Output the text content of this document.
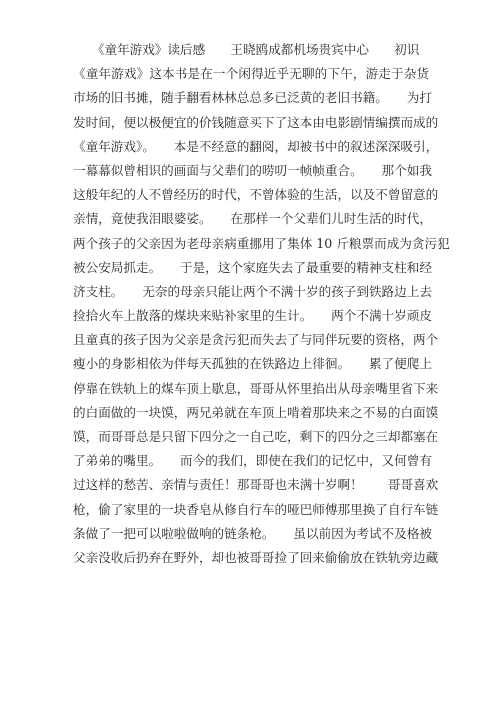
　　《童年游戏》读后感　　王晓鸥成都机场贵宾中心　　初识
《童年游戏》这本书是在一个闲得近乎无聊的下午，游走于杂货
市场的旧书摊，随手翻看林林总总多已泛黄的老旧书籍。　　为打
发时间，便以极便宜的价钱随意买下了这本由电影剧情编撰而成的
《童年游戏》。　　本是不经意的翻阅，却被书中的叙述深深吸引，
一幕幕似曾相识的画面与父辈们的唠叨一帧帧重合。　　那个如我
这般年纪的人不曾经历的时代，不曾体验的生活，以及不曾留意的
亲情，竟使我泪眼婆娑。　　在那样一个父辈们儿时生活的时代，
两个孩子的父亲因为老母亲病重挪用了集体 10 斤粮票而成为贪污犯
被公安局抓走。　　于是，这个家庭失去了最重要的精神支柱和经
济支柱。　　无奈的母亲只能让两个不满十岁的孩子到铁路边上去
捡拾火车上散落的煤块来贴补家里的生计。　　两个不满十岁顽皮
且童真的孩子因为父亲是贪污犯而失去了与同伴玩要的资格，两个
瘦小的身影相依为伴每天孤独的在铁路边上徘徊。　　累了便爬上
停靠在铁轨上的煤车顶上歇息，哥哥从怀里掐出从母亲嘴里省下来
的白面做的一块馍，两兄弟就在车顶上啃着那块来之不易的白面馍
馍，而哥哥总是只留下四分之一自己吃，剩下的四分之三却都塞在
了弟弟的嘴里。　　而今的我们，即使在我们的记忆中，又何曾有
过这样的愁苦、亲情与责任！那哥哥也未满十岁啊！　　哥哥喜欢
枪，偷了家里的一块香皂从修自行车的哑巴师傅那里换了自行车链
条做了一把可以啦啦做响的链条枪。　　虽以前因为考试不及格被
父亲没收后扔弃在野外，却也被哥哥捡了回来偷偷放在铁轨旁边藏
